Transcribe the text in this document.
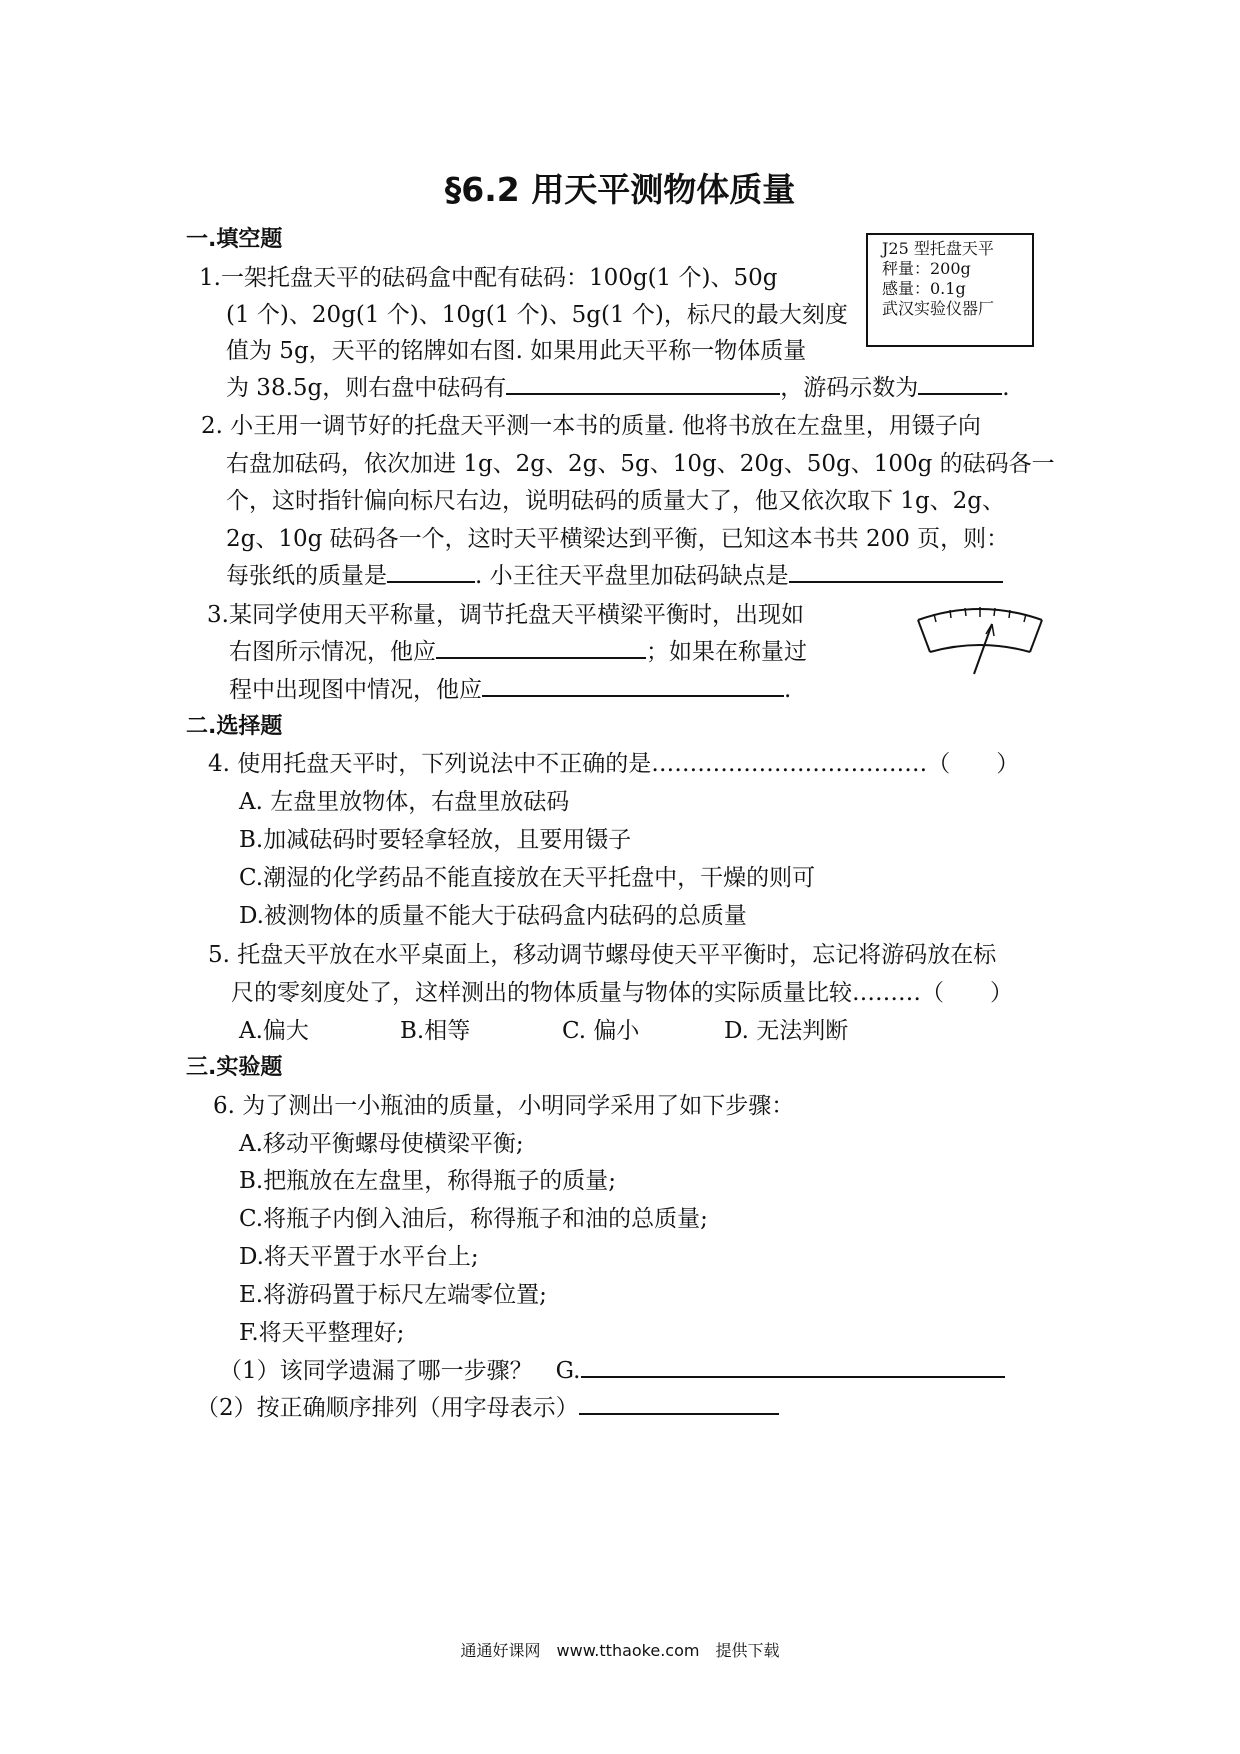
§6.2 用天平测物体质量
一.填空题
1.一架托盘天平的砝码盒中配有砝码：100g(1 个)、50g
(1 个)、20g(1 个)、10g(1 个)、5g(1 个)，标尺的最大刻度
值为 5g，天平的铭牌如右图. 如果用此天平称一物体质量
为 38.5g，则右盘中砝码有	，游码示数为	.
J25 型托盘天平
秤量：200g
感量：0.1g
武汉实验仪器厂
2. 小王用一调节好的托盘天平测一本书的质量. 他将书放在左盘里，用镊子向
右盘加砝码，依次加进 1g、2g、2g、5g、10g、20g、50g、100g 的砝码各一
个，这时指针偏向标尺右边，说明砝码的质量大了，他又依次取下 1g、2g、
2g、10g 砝码各一个，这时天平横梁达到平衡，已知这本书共 200 页，则：
每张纸的质量是	. 小王往天平盘里加砝码缺点是
3.某同学使用天平称量，调节托盘天平横梁平衡时，出现如
右图所示情况，他应	；如果在称量过
程中出现图中情况，他应	.
二.选择题
4. 使用托盘天平时，下列说法中不正确的是………………………………（　　）
A. 左盘里放物体，右盘里放砝码
B.加减砝码时要轻拿轻放，且要用镊子
C.潮湿的化学药品不能直接放在天平托盘中，干燥的则可
D.被测物体的质量不能大于砝码盒内砝码的总质量
5. 托盘天平放在水平桌面上，移动调节螺母使天平平衡时，忘记将游码放在标
尺的零刻度处了，这样测出的物体质量与物体的实际质量比较………（　　）
A.偏大	B.相等	C. 偏小	D. 无法判断
三.实验题
6. 为了测出一小瓶油的质量，小明同学采用了如下步骤：
A.移动平衡螺母使横梁平衡;
B.把瓶放在左盘里，称得瓶子的质量;
C.将瓶子内倒入油后，称得瓶子和油的总质量;
D.将天平置于水平台上;
E.将游码置于标尺左端零位置;
F.将天平整理好;
（1）该同学遗漏了哪一步骤？　G.
（2）按正确顺序排列（用字母表示）
通通好课网　www.tthaoke.com　提供下载
